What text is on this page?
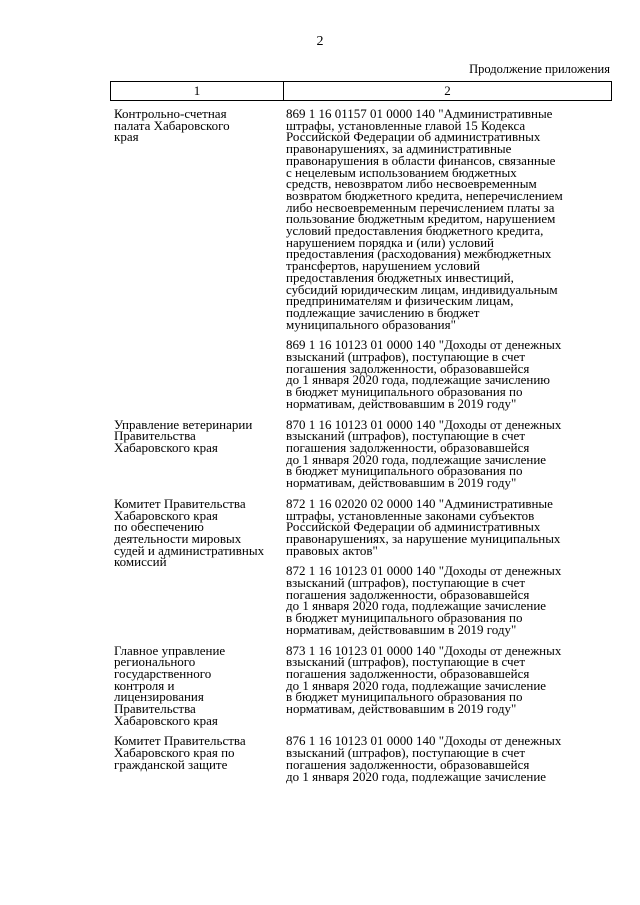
2
Продолжение приложения
1	2
Контрольно-счетная
палата Хабаровского
края
869 1 16 01157 01 0000 140 "Административные
штрафы, установленные главой 15 Кодекса
Российской Федерации об административных
правонарушениях, за административные
правонарушения в области финансов, связанные
с нецелевым использованием бюджетных
средств, невозвратом либо несвоевременным
возвратом бюджетного кредита, неперечислением
либо несвоевременным перечислением платы за
пользование бюджетным кредитом, нарушением
условий предоставления бюджетного кредита,
нарушением порядка и (или) условий
предоставления (расходования) межбюджетных
трансфертов, нарушением условий
предоставления бюджетных инвестиций,
субсидий юридическим лицам, индивидуальным
предпринимателям и физическим лицам,
подлежащие зачислению в бюджет
муниципального образования"
869 1 16 10123 01 0000 140 "Доходы от денежных
взысканий (штрафов), поступающие в счет
погашения задолженности, образовавшейся
до 1 января 2020 года, подлежащие зачислению
в бюджет муниципального образования по
нормативам, действовавшим в 2019 году"
Управление ветеринарии
Правительства
Хабаровского края
870 1 16 10123 01 0000 140 "Доходы от денежных
взысканий (штрафов), поступающие в счет
погашения задолженности, образовавшейся
до 1 января 2020 года, подлежащие зачисление
в бюджет муниципального образования по
нормативам, действовавшим в 2019 году"
Комитет Правительства
Хабаровского края
по обеспечению
деятельности мировых
судей и административных
комиссий
872 1 16 02020 02 0000 140 "Административные
штрафы, установленные законами субъектов
Российской Федерации об административных
правонарушениях, за нарушение муниципальных
правовых актов"
872 1 16 10123 01 0000 140 "Доходы от денежных
взысканий (штрафов), поступающие в счет
погашения задолженности, образовавшейся
до 1 января 2020 года, подлежащие зачисление
в бюджет муниципального образования по
нормативам, действовавшим в 2019 году"
Главное управление
регионального
государственного
контроля и
лицензирования
Правительства
Хабаровского края
873 1 16 10123 01 0000 140 "Доходы от денежных
взысканий (штрафов), поступающие в счет
погашения задолженности, образовавшейся
до 1 января 2020 года, подлежащие зачисление
в бюджет муниципального образования по
нормативам, действовавшим в 2019 году"
Комитет Правительства
Хабаровского края по
гражданской защите
876 1 16 10123 01 0000 140 "Доходы от денежных
взысканий (штрафов), поступающие в счет
погашения задолженности, образовавшейся
до 1 января 2020 года, подлежащие зачисление
